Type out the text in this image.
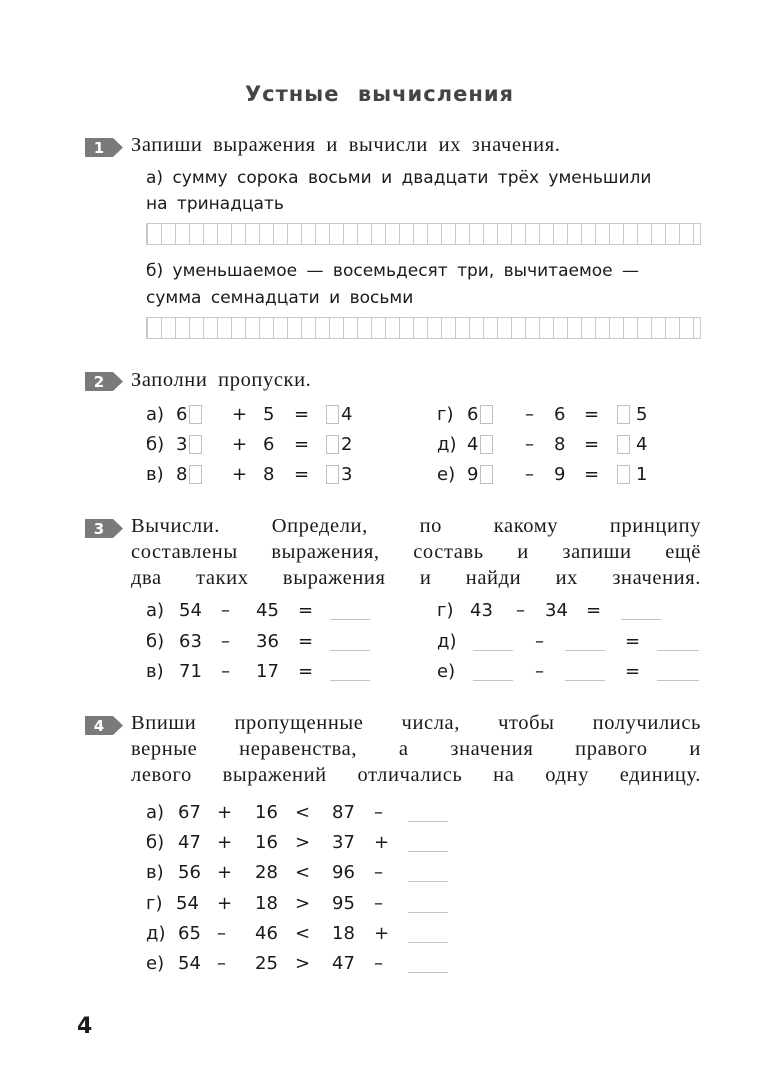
Устные вычисления
1 Запиши выражения и вычисли их значения.
а) сумму сорока восьми и двадцати трёх уменьшили
на тринадцать
б) уменьшаемое — восемьдесят три, вычитаемое —
сумма семнадцати и восьми
2 Заполни пропуски.
а) 6 + 5 = 4
б) 3 + 6 = 2
в) 8 + 8 = 3
г) 6	– 6 = 5
д) 4	– 8 = 4
е) 9	– 9 = 1
3 Вычисли. Определи, по какому принципу
составлены выражения, составь и запиши ещё
два таких выражения и найди их значения.
а) 54 – 45 =
б) 63 – 36 =
в) 71 – 17 =
г) 43 – 34 =
д)	–	=
е)	–	=
4 Впиши пропущенные числа, чтобы получились
верные неравенства, а значения правого и
левого выражений отличались на одну единицу.
а) 67 + 16 < 87 –
б) 47 + 16 > 37 +
в) 56 + 28 < 96 –
г) 54 + 18 > 95 –
д) 65 – 46 < 18 +
е) 54 – 25 > 47 –
4
